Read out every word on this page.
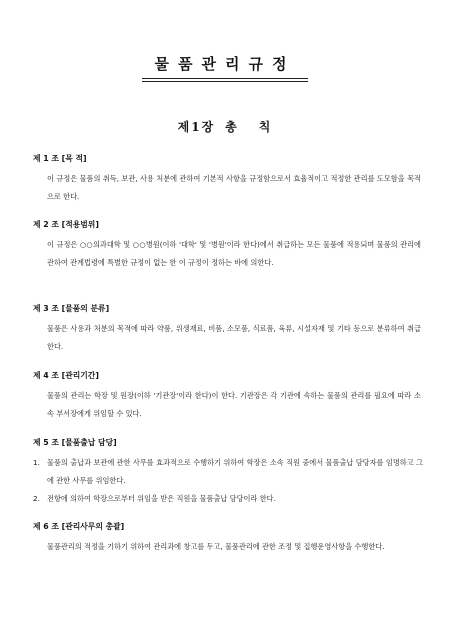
물품관리규정
제1장 총 칙
제 1 조 [목 적]
이 규정은 물품의 취득, 보관, 사용 처분에 관하여 기본적 사항을 규정함으로서 효율적이고 적정한 관리를 도모함을 목적으로 한다.
제 2 조 [적용범위]
이 규정은 ○○의과대학 및 ○○병원(이하 '대학' 및 '병원'이라 한다)에서 취급하는 모든 물품에 적용되며 물품의 관리에 관하여 관계법령에 특별한 규정이 없는 한 이 규정이 정하는 바에 의한다.
제 3 조 [물품의 분류]
물품은 사용과 처분의 목적에 따라 약품, 위생재료, 비품, 소모품, 식료품, 육류, 시설자재 및 기타 등으로 분류하여 취급한다.
제 4 조 [관리기간]
물품의 관리는 학장 및 원장(이하 '기관장'이라 한다)이 한다. 기관장은 각 기관에 속하는 물품의 관리를 필요에 따라 소속 부서장에게 위임할 수 있다.
제 5 조 [물품출납 담당]
1. 물품의 출납과 보관에 관한 사무를 효과적으로 수행하기 위하여 학장은 소속 직원 중에서 물품출납 담당자를 임명하고 그에 관한 사무를 위임한다.
2. 전항에 의하여 학장으로부터 위임을 받은 직원을 물품출납 담당이라 한다.
제 6 조 [관리사무의 총괄]
물품관리의 적정을 기하기 위하여 관리과에 창고를 두고, 물품관리에 관한 조정 및 집행운영사항을 수행한다.
